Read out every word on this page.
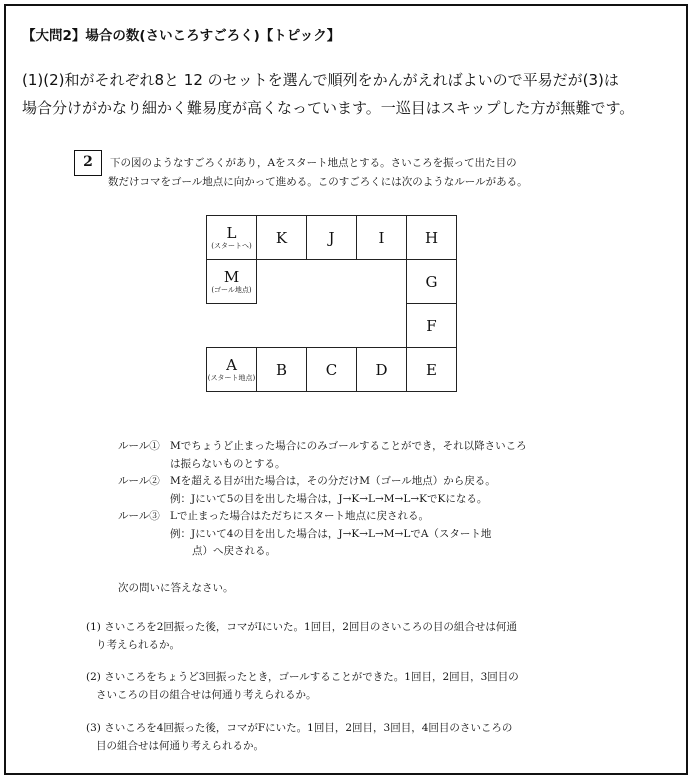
【大問2】場合の数(さいころすごろく)【トピック】
(1)(2)和がそれぞれ8と 12 のセットを選んで順列をかんがえればよいので平易だが(3)は
場合分けがかなり細かく難易度が高くなっています。一巡目はスキップした方が無難です。
2	下の図のようなすごろくがあり，Aをスタート地点とする。さいころを振って出た目の
数だけコマをゴール地点に向かって進める。このすごろくには次のようなルールがある。
L
(スタートへ)	K	J	I	H

M
(ゴール地点)				G

				F

A
(スタート地点)	B	C	D	E
ルール① Mでちょうど止まった場合にのみゴールすることができ，それ以降さいころ
は振らないものとする。
ルール② Mを超える目が出た場合は，その分だけM（ゴール地点）から戻る。
例：Jにいて5の目を出した場合は，J→K→L→M→L→KでKになる。
ルール③ Lで止まった場合はただちにスタート地点に戻される。
例：Jにいて4の目を出した場合は，J→K→L→M→LでA（スタート地
点）へ戻される。
次の問いに答えなさい。
(1) さいころを2回振った後，コマがIにいた。1回目，2回目のさいころの目の組合せは何通
り考えられるか。
(2) さいころをちょうど3回振ったとき，ゴールすることができた。1回目，2回目，3回目の
さいころの目の組合せは何通り考えられるか。
(3) さいころを4回振った後，コマがFにいた。1回目，2回目，3回目，4回目のさいころの
目の組合せは何通り考えられるか。
